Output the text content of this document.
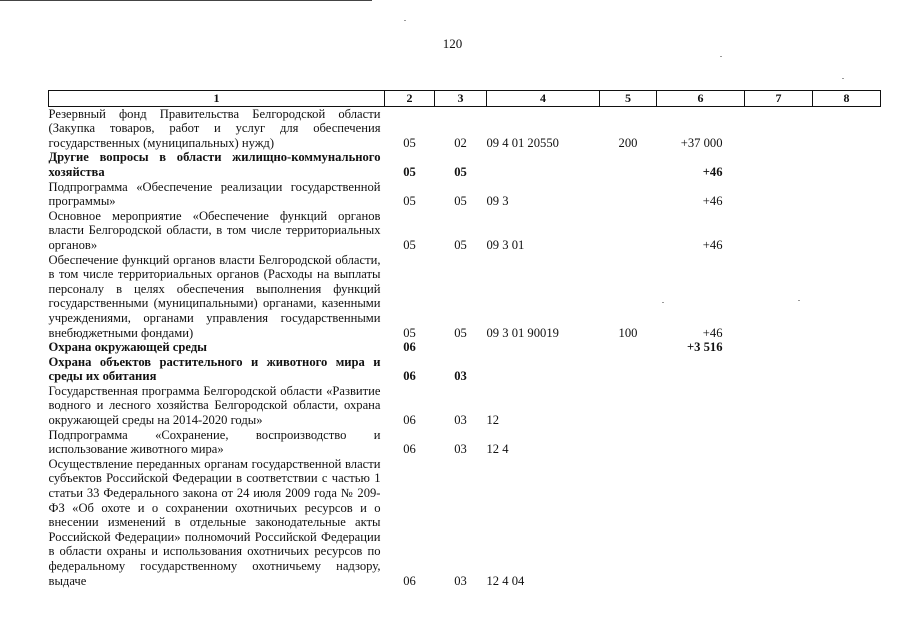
120
1	2	3	4	5	6	7	8
Резервный фонд Правительства Белгородской области (Закупка товаров, работ и услуг для обеспечения государственных (муниципальных) нужд)	05	02	09 4 01 20550	200	+37 000		
Другие вопросы в области жилищно-коммунального хозяйства	05	05			+46		
Подпрограмма «Обеспечение реализации государственной программы»	05	05	09 3		+46		
Основное мероприятие «Обеспечение функций органов власти Белгородской области, в том числе территориальных органов»	05	05	09 3 01		+46		
Обеспечение функций органов власти Белгородской области, в том числе территориальных органов (Расходы на выплаты персоналу в целях обеспечения выполнения функций государственными (муниципальными) органами, казенными учреждениями, органами управления государственными внебюджетными фондами)	05	05	09 3 01 90019	100	+46		
Охрана окружающей среды	06				+3 516		
Охрана объектов растительного и животного мира и среды их обитания	06	03					
Государственная программа Белгородской области «Развитие водного и лесного хозяйства Белгородской области, охрана окружающей среды на 2014-2020 годы»	06	03	12				
Подпрограмма «Сохранение, воспроизводство и использование животного мира»	06	03	12 4				
Осуществление переданных органам государственной власти субъектов Российской Федерации в соответствии с частью 1 статьи 33 Федерального закона от 24 июля 2009 года № 209-ФЗ «Об охоте и о сохранении охотничьих ресурсов и о внесении изменений в отдельные законодательные акты Российской Федерации» полномочий Российской Федерации в области охраны и использования охотничьих ресурсов по федеральному государственному охотничьему надзору, выдаче	06	03	12 4 04				
